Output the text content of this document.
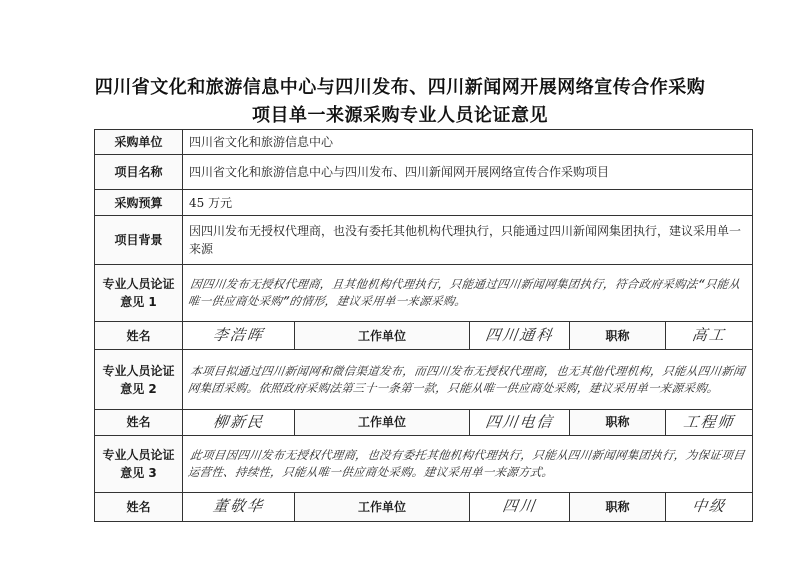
四川省文化和旅游信息中心与四川发布、四川新闻网开展网络宣传合作采购
项目单一来源采购专业人员论证意见
采购单位	四川省文化和旅游信息中心				
项目名称	四川省文化和旅游信息中心与四川发布、四川新闻网开展网络宣传合作采购项目				
采购预算	45 万元				
项目背景	因四川发布无授权代理商，也没有委托其他机构代理执行，只能通过四川新闻网集团执行，建议采用单一来源				
专业人员论证意见 1	因四川发布无授权代理商，且其他机构代理执行，只能通过四川新闻网集团执行，符合政府采购法“只能从唯一供应商处采购”的情形，建议采用单一来源采购。				

姓名	李浩晖	工作单位	四川通科	职称	高工

专业人员论证意见 2	本项目拟通过四川新闻网和微信渠道发布，而四川发布无授权代理商，也无其他代理机构，只能从四川新闻网集团采购。依照政府采购法第三十一条第一款，只能从唯一供应商处采购，建议采用单一来源采购。				

姓名	柳新民	工作单位	四川电信	职称	工程师

专业人员论证意见 3	此项目因四川发布无授权代理商，也没有委托其他机构代理执行，只能从四川新闻网集团执行，为保证项目运营性、持续性，只能从唯一供应商处采购。建议采用单一来源方式。				

姓名	董敬华	工作单位	四川	职称	中级
